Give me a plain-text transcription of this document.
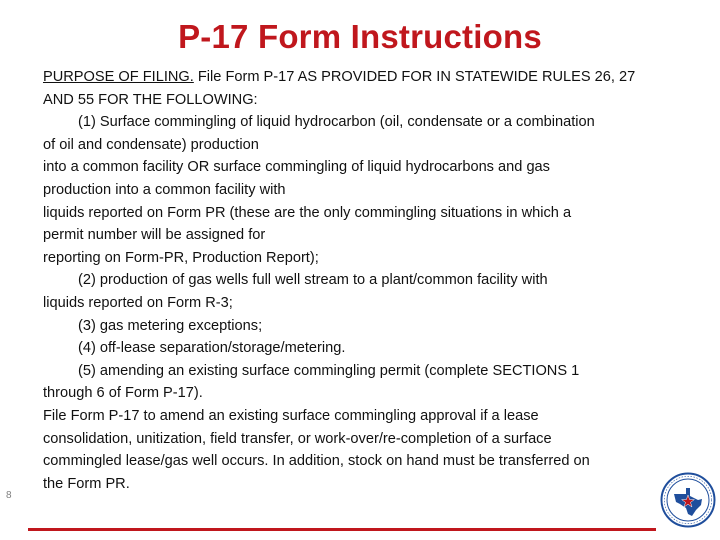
P-17 Form Instructions
PURPOSE OF FILING. File Form P-17 AS PROVIDED FOR IN STATEWIDE RULES 26, 27
AND 55 FOR THE FOLLOWING:
(1) Surface commingling of liquid hydrocarbon (oil, condensate or a combination
of oil and condensate) production
into a common facility OR surface commingling of liquid hydrocarbons and gas
production into a common facility with
liquids reported on Form PR (these are the only commingling situations in which a
permit number will be assigned for
reporting on Form-PR, Production Report);
(2) production of gas wells full well stream to a plant/common facility with
liquids reported on Form R-3;
(3) gas metering exceptions;
(4) off-lease separation/storage/metering.
(5) amending an existing surface commingling permit (complete SECTIONS 1
through 6 of Form P-17).
File Form P-17 to amend an existing surface commingling approval if a lease
consolidation, unitization, field transfer, or work-over/re-completion of a surface
commingled lease/gas well occurs. In addition, stock on hand must be transferred on
the Form PR.
8
